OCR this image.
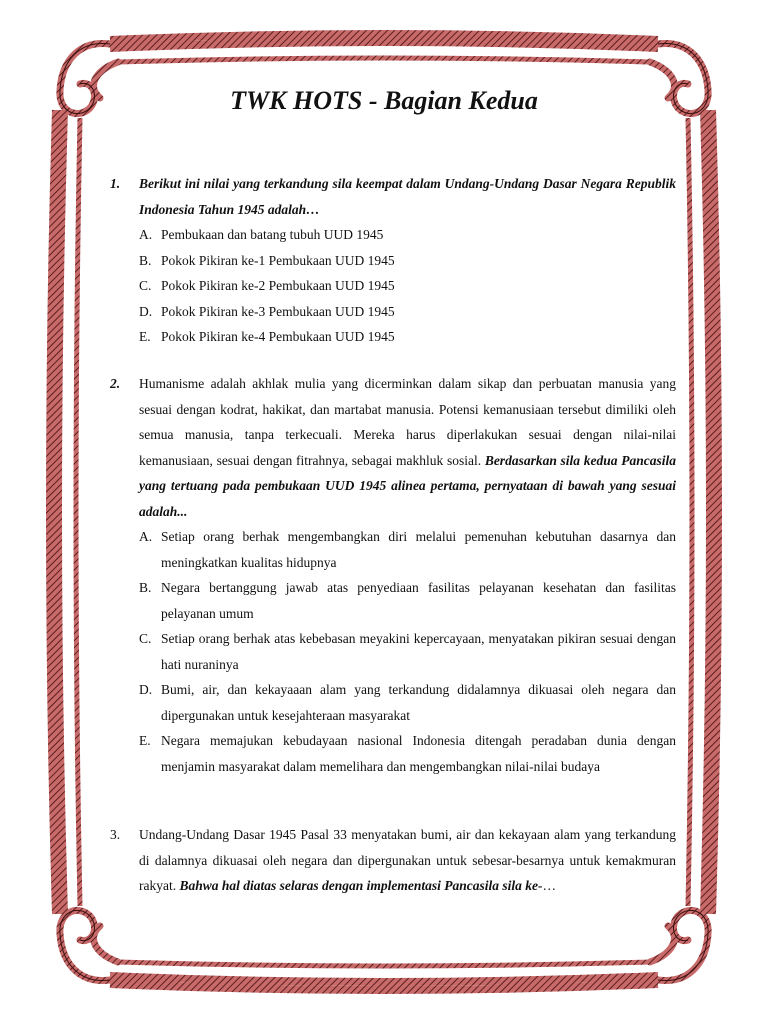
TWK HOTS - Bagian Kedua
1.	Berikut ini nilai yang terkandung sila keempat dalam Undang-Undang Dasar Negara Republik Indonesia Tahun 1945 adalah…
A. Pembukaan dan batang tubuh UUD 1945
B. Pokok Pikiran ke-1 Pembukaan UUD 1945
C. Pokok Pikiran ke-2 Pembukaan UUD 1945
D. Pokok Pikiran ke-3 Pembukaan UUD 1945
E. Pokok Pikiran ke-4 Pembukaan UUD 1945
2.	Humanisme adalah akhlak mulia yang dicerminkan dalam sikap dan perbuatan manusia yang sesuai dengan kodrat, hakikat, dan martabat manusia. Potensi kemanusiaan tersebut dimiliki oleh semua manusia, tanpa terkecuali. Mereka harus diperlakukan sesuai dengan nilai-nilai kemanusiaan, sesuai dengan fitrahnya, sebagai makhluk sosial. Berdasarkan sila kedua Pancasila yang tertuang pada pembukaan UUD 1945 alinea pertama, pernyataan di bawah yang sesuai adalah...
A. Setiap orang berhak mengembangkan diri melalui pemenuhan kebutuhan dasarnya dan meningkatkan kualitas hidupnya
B. Negara bertanggung jawab atas penyediaan fasilitas pelayanan kesehatan dan fasilitas pelayanan umum
C. Setiap orang berhak atas kebebasan meyakini kepercayaan, menyatakan pikiran sesuai dengan hati nuraninya
D. Bumi, air, dan kekayaaan alam yang terkandung didalamnya dikuasai oleh negara dan dipergunakan untuk kesejahteraan masyarakat
E. Negara memajukan kebudayaan nasional Indonesia ditengah peradaban dunia dengan menjamin masyarakat dalam memelihara dan mengembangkan nilai-nilai budaya
3.	Undang-Undang Dasar 1945 Pasal 33 menyatakan bumi, air dan kekayaan alam yang terkandung di dalamnya dikuasai oleh negara dan dipergunakan untuk sebesar-besarnya untuk kemakmuran rakyat. Bahwa hal diatas selaras dengan implementasi Pancasila sila ke-…
